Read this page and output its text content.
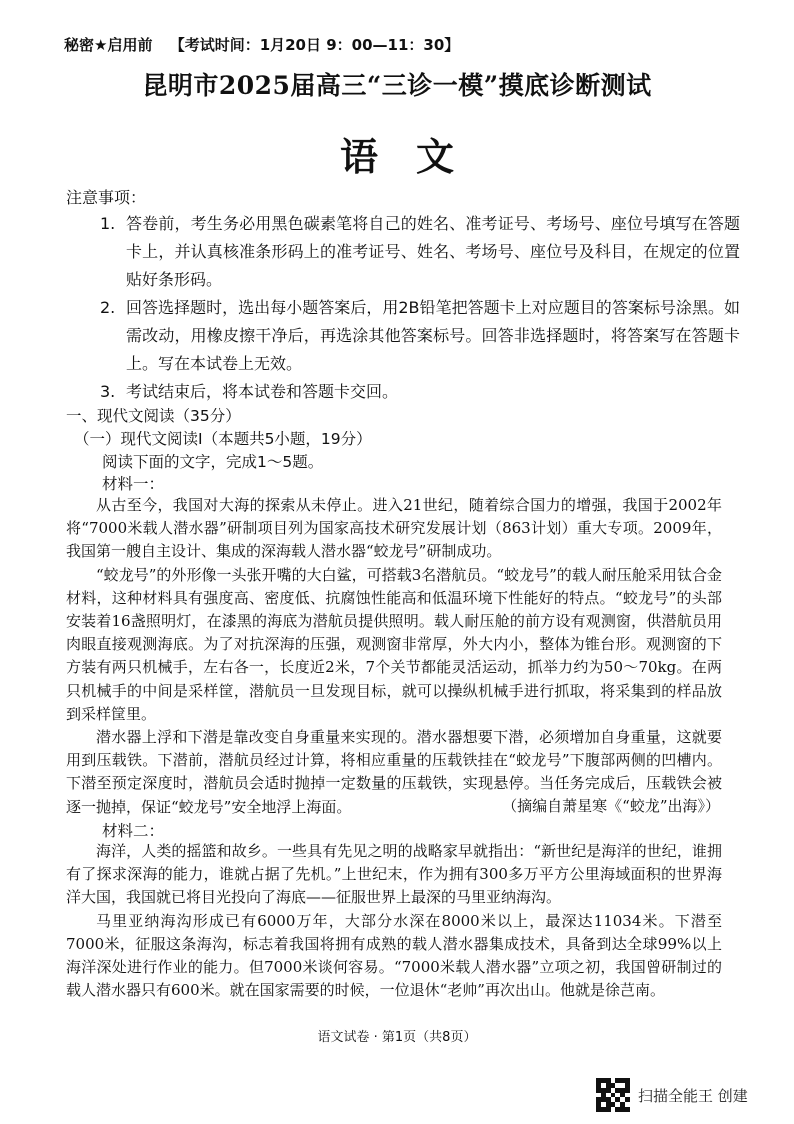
秘密★启用前 【考试时间：1月20日 9：00—11：30】
昆明市2025届高三“三诊一模”摸底诊断测试
语文
注意事项：
1. 答卷前，考生务必用黑色碳素笔将自己的姓名、准考证号、考场号、座位号填写在答题卡上，并认真核准条形码上的准考证号、姓名、考场号、座位号及科目，在规定的位置贴好条形码。
2. 回答选择题时，选出每小题答案后，用2B铅笔把答题卡上对应题目的答案标号涂黑。如需改动，用橡皮擦干净后，再选涂其他答案标号。回答非选择题时，将答案写在答题卡上。写在本试卷上无效。
3. 考试结束后，将本试卷和答题卡交回。
一、现代文阅读（35分）
（一）现代文阅读Ⅰ（本题共5小题，19分）
阅读下面的文字，完成1～5题。
材料一：

从古至今，我国对大海的探索从未停止。进入21世纪，随着综合国力的增强，我国于2002年将“7000米载人潜水器”研制项目列为国家高技术研究发展计划（863计划）重大专项。2009年，我国第一艘自主设计、集成的深海载人潜水器“蛟龙号”研制成功。

“蛟龙号”的外形像一头张开嘴的大白鲨，可搭载3名潜航员。“蛟龙号”的载人耐压舱采用钛合金材料，这种材料具有强度高、密度低、抗腐蚀性能高和低温环境下性能好的特点。“蛟龙号”的头部安装着16盏照明灯，在漆黑的海底为潜航员提供照明。载人耐压舱的前方设有观测窗，供潜航员用肉眼直接观测海底。为了对抗深海的压强，观测窗非常厚，外大内小，整体为锥台形。观测窗的下方装有两只机械手，左右各一，长度近2米，7个关节都能灵活运动，抓举力约为50～70kg。在两只机械手的中间是采样筐，潜航员一旦发现目标，就可以操纵机械手进行抓取，将采集到的样品放到采样筐里。

潜水器上浮和下潜是靠改变自身重量来实现的。潜水器想要下潜，必须增加自身重量，这就要用到压载铁。下潜前，潜航员经过计算，将相应重量的压载铁挂在“蛟龙号”下腹部两侧的凹槽内。下潜至预定深度时，潜航员会适时抛掉一定数量的压载铁，实现悬停。当任务完成后，压载铁会被逐一抛掉，保证“蛟龙号”安全地浮上海面。	（摘编自萧星寒《“蛟龙”出海》）
材料二：

海洋，人类的摇篮和故乡。一些具有先见之明的战略家早就指出：“新世纪是海洋的世纪，谁拥有了探求深海的能力，谁就占据了先机。”上世纪末，作为拥有300多万平方公里海域面积的世界海洋大国，我国就已将目光投向了海底——征服世界上最深的马里亚纳海沟。

马里亚纳海沟形成已有6000万年，大部分水深在8000米以上，最深达11034米。下潜至7000米，征服这条海沟，标志着我国将拥有成熟的载人潜水器集成技术，具备到达全球99%以上海洋深处进行作业的能力。但7000米谈何容易。“7000米载人潜水器”立项之初，我国曾研制过的载人潜水器只有600米。就在国家需要的时候，一位退休“老帅”再次出山。他就是徐芑南。

语文试卷 · 第1页（共8页）
扫描全能王 创建
